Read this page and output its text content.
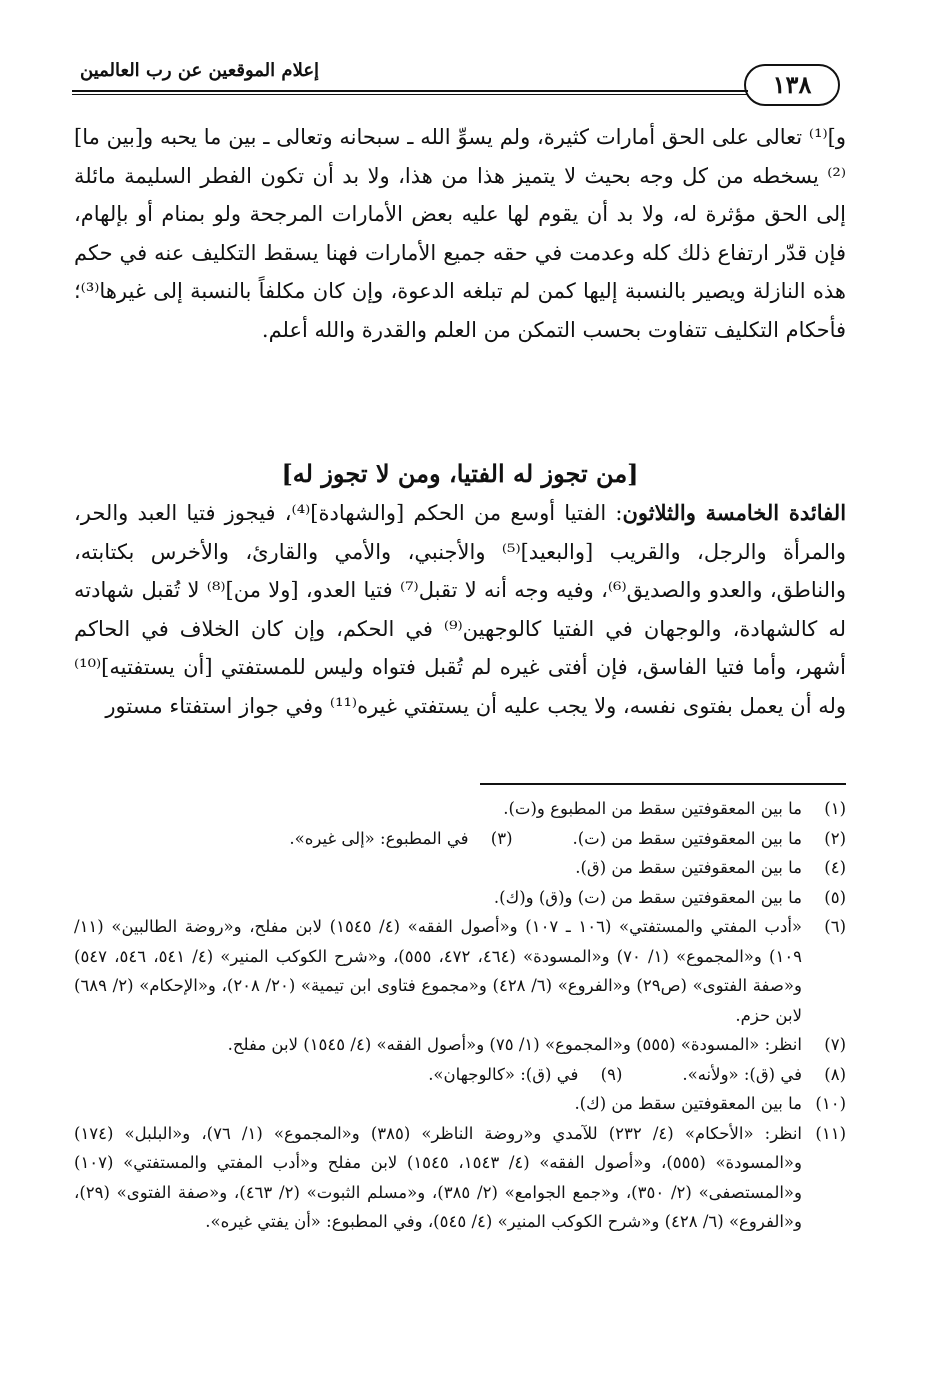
١٣٨
إعلام الموقعين عن رب العالمين

و]⁽¹⁾ تعالى على الحق أمارات كثيرة، ولم يسوِّ الله ـ سبحانه وتعالى ـ بين ما يحبه و[بين ما]⁽²⁾ يسخطه من كل وجه بحيث لا يتميز هذا من هذا، ولا بد أن تكون الفطر السليمة مائلة إلى الحق مؤثرة له، ولا بد أن يقوم لها عليه بعض الأمارات المرجحة ولو بمنام أو بإلهام، فإن قدّر ارتفاع ذلك كله وعدمت في حقه جميع الأمارات فهنا يسقط التكليف عنه في حكم هذه النازلة ويصير بالنسبة إليها كمن لم تبلغه الدعوة، وإن كان مكلفاً بالنسبة إلى غيرها⁽³⁾؛ فأحكام التكليف تتفاوت بحسب التمكن من العلم والقدرة والله أعلم.

[من تجوز له الفتيا، ومن لا تجوز له]

الفائدة الخامسة والثلاثون: الفتيا أوسع من الحكم [والشهادة]⁽⁴⁾، فيجوز فتيا العبد والحر، والمرأة والرجل، والقريب [والبعيد]⁽⁵⁾ والأجنبي، والأمي والقارئ، والأخرس بكتابته، والناطق، والعدو والصديق⁽⁶⁾، وفيه وجه أنه لا تقبل⁽⁷⁾ فتيا العدو، [ولا من]⁽⁸⁾ لا تُقبل شهادته له كالشهادة، والوجهان في الفتيا كالوجهين⁽⁹⁾ في الحكم، وإن كان الخلاف في الحاكم أشهر، وأما فتيا الفاسق، فإن أفتى غيره لم تُقبل فتواه وليس للمستفتي [أن يستفتيه]⁽¹⁰⁾ وله أن يعمل بفتوى نفسه، ولا يجب عليه أن يستفتي غيره⁽¹¹⁾ وفي جواز استفتاء مستور

(١)
ما بين المعقوفتين سقط من المطبوع و(ت).
(٢)
ما بين المعقوفتين سقط من (ت).
(٣)
في المطبوع: «إلى غيره».
(٤)
ما بين المعقوفتين سقط من (ق).
(٥)
ما بين المعقوفتين سقط من (ت) و(ق) و(ك).
(٦)
«أدب المفتي والمستفتي» (١٠٦ ـ ١٠٧) و«أصول الفقه» (٤/ ١٥٤٥) لابن مفلح، و«روضة الطالبين» (١١/ ١٠٩) و«المجموع» (١/ ٧٠) و«المسودة» (٤٦٤، ٤٧٢، ٥٥٥)، و«شرح الكوكب المنير» (٤/ ٥٤١، ٥٤٦، ٥٤٧) و«صفة الفتوى» (ص٢٩) و«الفروع» (٦/ ٤٢٨) و«مجموع فتاوى ابن تيمية» (٢٠/ ٢٠٨)، و«الإحكام» (٢/ ٦٨٩) لابن حزم.
(٧)
انظر: «المسودة» (٥٥٥) و«المجموع» (١/ ٧٥) و«أصول الفقه» (٤/ ١٥٤٥) لابن مفلح.
(٨)
في (ق): «ولأنه».
(٩)
في (ق): «كالوجهان».
(١٠)
ما بين المعقوفتين سقط من (ك).
(١١)
انظر: «الأحكام» (٤/ ٢٣٢) للآمدي و«روضة الناظر» (٣٨٥) و«المجموع» (١/ ٧٦)، و«البلبل» (١٧٤) و«المسودة» (٥٥٥)، و«أصول الفقه» (٤/ ١٥٤٣، ١٥٤٥) لابن مفلح و«أدب المفتي والمستفتي» (١٠٧) و«المستصفى» (٢/ ٣٥٠)، و«جمع الجوامع» (٢/ ٣٨٥)، و«مسلم الثبوت» (٢/ ٤٦٣)، و«صفة الفتوى» (٢٩)، و«الفروع» (٦/ ٤٢٨) و«شرح الكوكب المنير» (٤/ ٥٤٥)، وفي المطبوع: «أن يفتي غيره».
